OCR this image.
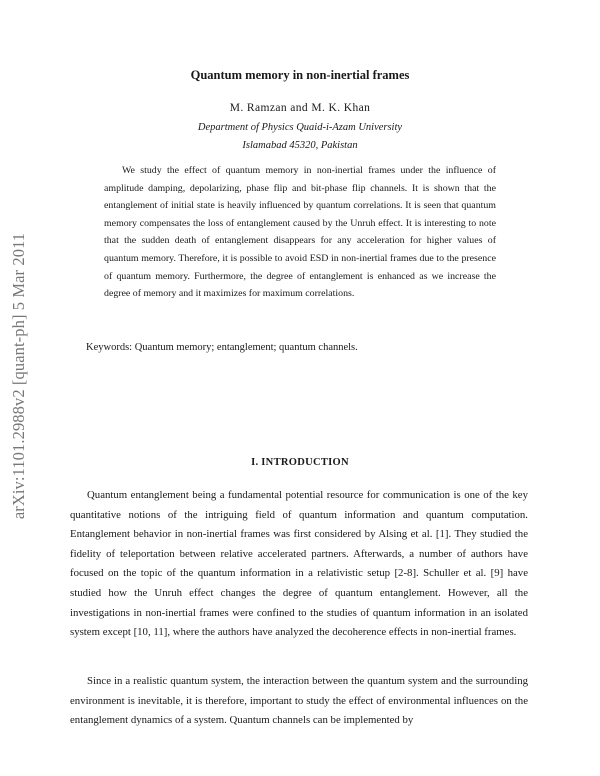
arXiv:1101.2988v2 [quant-ph] 5 Mar 2011
Quantum memory in non-inertial frames
M. Ramzan and M. K. Khan
Department of Physics Quaid-i-Azam University
Islamabad 45320, Pakistan

We study the effect of quantum memory in non-inertial frames under the influence of amplitude damping, depolarizing, phase flip and bit-phase flip channels. It is shown that the entanglement of initial state is heavily influenced by quantum correlations. It is seen that quantum memory compensates the loss of entanglement caused by the Unruh effect. It is interesting to note that the sudden death of entanglement disappears for any acceleration for higher values of quantum memory. Therefore, it is possible to avoid ESD in non-inertial frames due to the presence of quantum memory. Furthermore, the degree of entanglement is enhanced as we increase the degree of memory and it maximizes for maximum correlations.

Keywords: Quantum memory; entanglement; quantum channels.

I. INTRODUCTION

Quantum entanglement being a fundamental potential resource for communication is one of the key quantitative notions of the intriguing field of quantum information and quantum computation. Entanglement behavior in non-inertial frames was first considered by Alsing et al. [1]. They studied the fidelity of teleportation between relative accelerated partners. Afterwards, a number of authors have focused on the topic of the quantum information in a relativistic setup [2-8]. Schuller et al. [9] have studied how the Unruh effect changes the degree of quantum entanglement. However, all the investigations in non-inertial frames were confined to the studies of quantum information in an isolated system except [10, 11], where the authors have analyzed the decoherence effects in non-inertial frames.

Since in a realistic quantum system, the interaction between the quantum system and the surrounding environment is inevitable, it is therefore, important to study the effect of environmental influences on the entanglement dynamics of a system. Quantum channels can be implemented by
